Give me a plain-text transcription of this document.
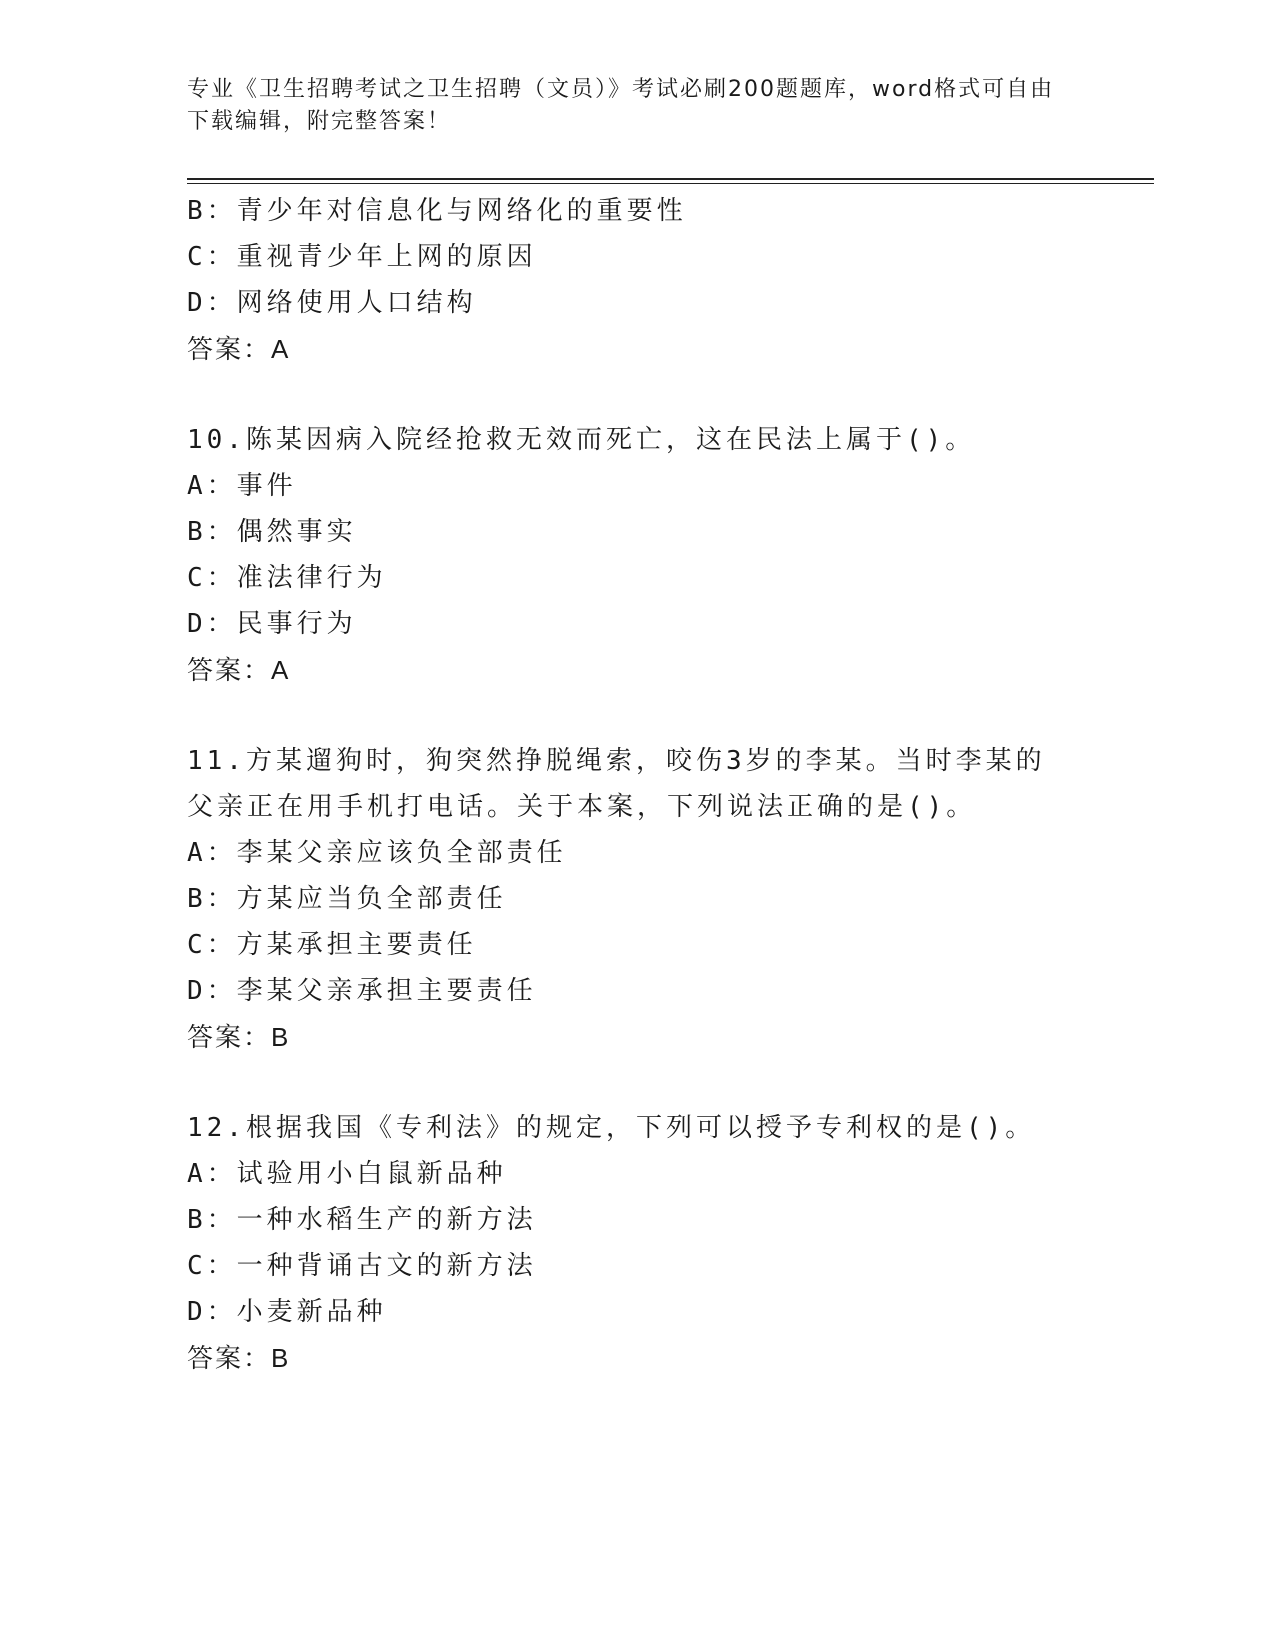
专业《卫生招聘考试之卫生招聘（文员）》考试必刷200题题库，word格式可自由下载编辑，附完整答案！
B：青少年对信息化与网络化的重要性
C：重视青少年上网的原因
D：网络使用人口结构
答案：A
10.陈某因病入院经抢救无效而死亡，这在民法上属于()。
A：事件
B：偶然事实
C：准法律行为
D：民事行为
答案：A
11.方某遛狗时，狗突然挣脱绳索，咬伤3岁的李某。当时李某的父亲正在用手机打电话。关于本案，下列说法正确的是()。
A：李某父亲应该负全部责任
B：方某应当负全部责任
C：方某承担主要责任
D：李某父亲承担主要责任
答案：B
12.根据我国《专利法》的规定，下列可以授予专利权的是()。
A：试验用小白鼠新品种
B：一种水稻生产的新方法
C：一种背诵古文的新方法
D：小麦新品种
答案：B
